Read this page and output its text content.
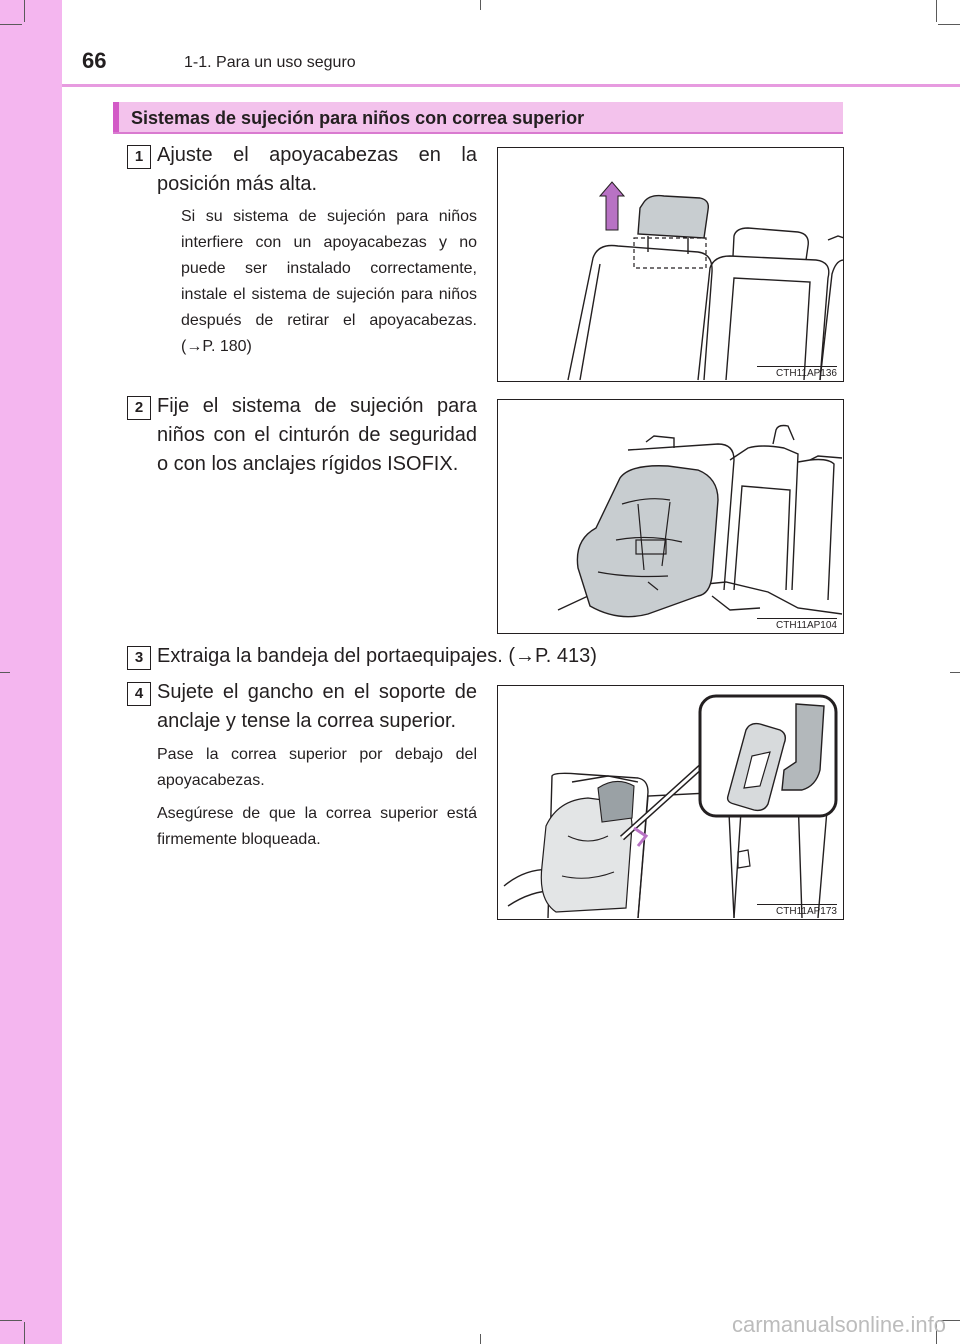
66	1-1. Para un uso seguro
Sistemas de sujeción para niños con correa superior
1 Ajuste el apoyacabezas en la posición más alta.
Si su sistema de sujeción para niños interfiere con un apoyacabezas y no puede ser instalado correctamente, instale el sistema de sujeción para niños después de retirar el apoyacabezas. (→P. 180)
CTH11AP136
2 Fije el sistema de sujeción para niños con el cinturón de seguridad o con los anclajes rígidos ISOFIX.
CTH11AP104
3 Extraiga la bandeja del portaequipajes. (→P. 413)
4 Sujete el gancho en el soporte de anclaje y tense la correa superior.
Pase la correa superior por debajo del apoyacabezas.
Asegúrese de que la correa superior está firmemente bloqueada.
CTH11AP173
carmanualsonline.info
